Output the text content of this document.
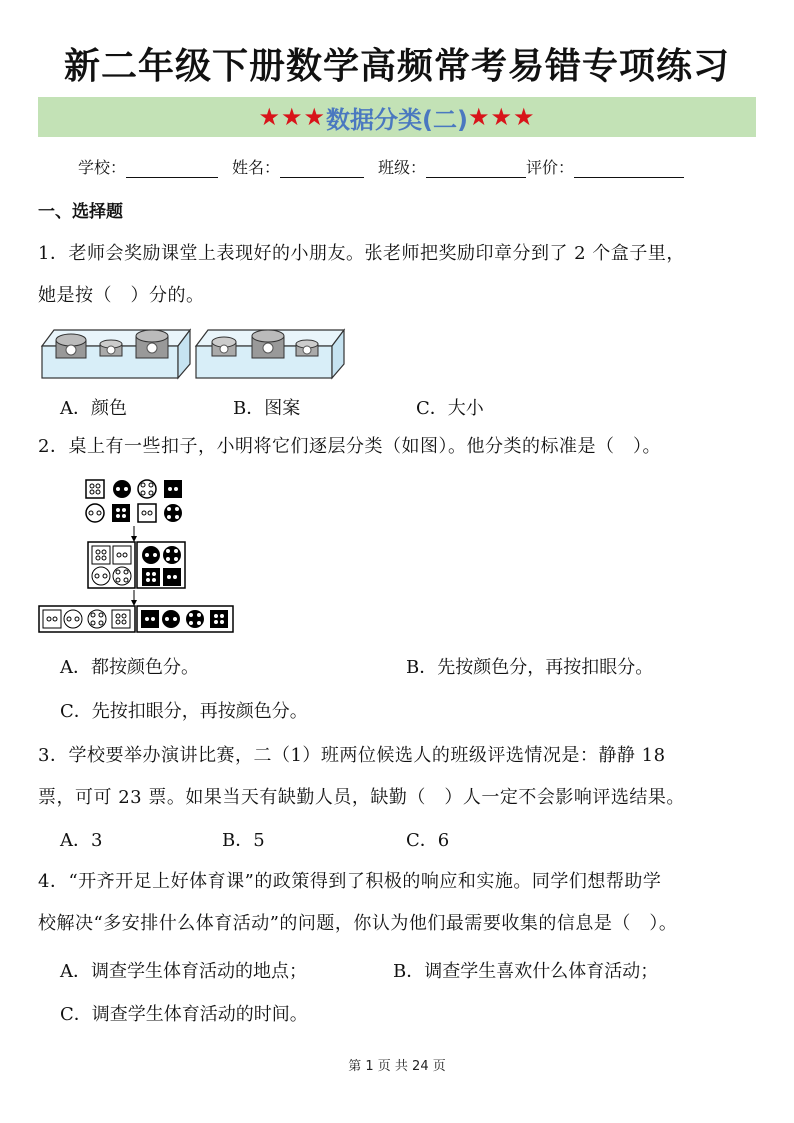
新二年级下册数学高频常考易错专项练习
★★★ 数据分类(二) ★★★
学校：	姓名：	班级：	评价：
一、选择题
1．老师会奖励课堂上表现好的小朋友。张老师把奖励印章分到了 2 个盒子里，
她是按（　）分的。
A．颜色	B．图案	C．大小
2．桌上有一些扣子，小明将它们逐层分类（如图）。他分类的标准是（　）。
A．都按颜色分。	B．先按颜色分，再按扣眼分。
C．先按扣眼分，再按颜色分。
3．学校要举办演讲比赛，二（1）班两位候选人的班级评选情况是：静静 18
票，可可 23 票。如果当天有缺勤人员，缺勤（　）人一定不会影响评选结果。
A．3	B．5	C．6
4．“开齐开足上好体育课”的政策得到了积极的响应和实施。同学们想帮助学
校解决“多安排什么体育活动”的问题，你认为他们最需要收集的信息是（　）。
A．调查学生体育活动的地点；	B．调查学生喜欢什么体育活动；
C．调查学生体育活动的时间。
第 1 页 共 24 页
